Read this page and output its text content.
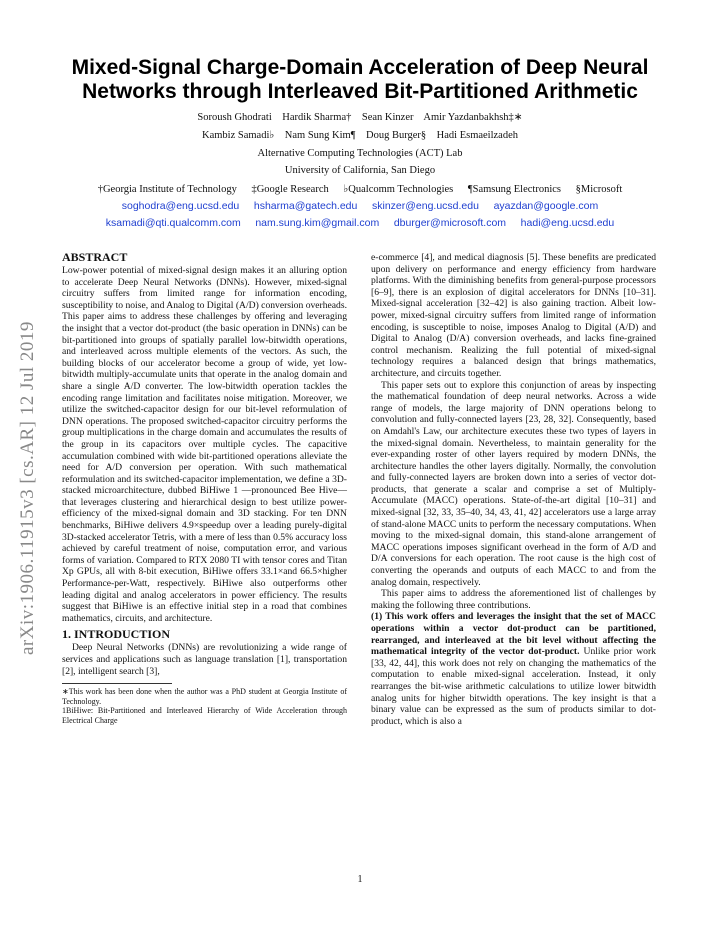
Mixed-Signal Charge-Domain Acceleration of Deep Neural Networks through Interleaved Bit-Partitioned Arithmetic
Soroush Ghodrati    Hardik Sharma†    Sean Kinzer    Amir Yazdanbakhsh‡∗
Kambiz Samadi♭    Nam Sung Kim¶    Doug Burger§    Hadi Esmaeilzadeh
Alternative Computing Technologies (ACT) Lab
University of California, San Diego
†Georgia Institute of Technology ‡Google Research ♭Qualcomm Technologies ¶Samsung Electronics §Microsoft
soghodra@eng.ucsd.edu hsharma@gatech.edu skinzer@eng.ucsd.edu ayazdan@google.com
ksamadi@qti.qualcomm.com nam.sung.kim@gmail.com dburger@microsoft.com hadi@eng.ucsd.edu
arXiv:1906.11915v3 [cs.AR] 12 Jul 2019
ABSTRACT

Low-power potential of mixed-signal design makes it an alluring option to accelerate Deep Neural Networks (DNNs). However, mixed-signal circuitry suffers from limited range for information encoding, susceptibility to noise, and Analog to Digital (A/D) conversion overheads. This paper aims to address these challenges by offering and leveraging the insight that a vector dot-product (the basic operation in DNNs) can be bit-partitioned into groups of spatially parallel low-bitwidth operations, and interleaved across multiple elements of the vectors. As such, the building blocks of our accelerator become a group of wide, yet low-bitwidth multiply-accumulate units that operate in the analog domain and share a single A/D converter. The low-bitwidth operation tackles the encoding range limitation and facilitates noise mitigation. Moreover, we utilize the switched-capacitor design for our bit-level reformulation of DNN operations. The proposed switched-capacitor circuitry performs the group multiplications in the charge domain and accumulates the results of the group in its capacitors over multiple cycles. The capacitive accumulation combined with wide bit-partitioned operations alleviate the need for A/D conversion per operation. With such mathematical reformulation and its switched-capacitor implementation, we define a 3D-stacked microarchitecture, dubbed BiHiwe 1 —pronounced Bee Hive—that leverages clustering and hierarchical design to best utilize power-efficiency of the mixed-signal domain and 3D stacking. For ten DNN benchmarks, BiHiwe delivers 4.9×speedup over a leading purely-digital 3D-stacked accelerator Tetris, with a mere of less than 0.5% accuracy loss achieved by careful treatment of noise, computation error, and various forms of variation. Compared to RTX 2080 TI with tensor cores and Titan Xp GPUs, all with 8-bit execution, BiHiwe offers 33.1×and 66.5×higher Performance-per-Watt, respectively. BiHiwe also outperforms other leading digital and analog accelerators in power efficiency. The results suggest that BiHiwe is an effective initial step in a road that combines mathematics, circuits, and architecture.

1. INTRODUCTION

Deep Neural Networks (DNNs) are revolutionizing a wide range of services and applications such as language translation [1], transportation [2], intelligent search [3],

∗This work has been done when the author was a PhD student at Georgia Institute of Technology.

1BiHiwe: Bit-Partitioned and Interleaved Hierarchy of Wide Acceleration through Electrical Charge

e-commerce [4], and medical diagnosis [5]. These benefits are predicated upon delivery on performance and energy efficiency from hardware platforms. With the diminishing benefits from general-purpose processors [6–9], there is an explosion of digital accelerators for DNNs [10–31]. Mixed-signal acceleration [32–42] is also gaining traction. Albeit low-power, mixed-signal circuitry suffers from limited range of information encoding, is susceptible to noise, imposes Analog to Digital (A/D) and Digital to Analog (D/A) conversion overheads, and lacks fine-grained control mechanism. Realizing the full potential of mixed-signal technology requires a balanced design that brings mathematics, architecture, and circuits together.

This paper sets out to explore this conjunction of areas by inspecting the mathematical foundation of deep neural networks. Across a wide range of models, the large majority of DNN operations belong to convolution and fully-connected layers [23, 28, 32]. Consequently, based on Amdahl's Law, our architecture executes these two types of layers in the mixed-signal domain. Nevertheless, to maintain generality for the ever-expanding roster of other layers required by modern DNNs, the architecture handles the other layers digitally. Normally, the convolution and fully-connected layers are broken down into a series of vector dot-products, that generate a scalar and comprise a set of Multiply-Accumulate (MACC) operations. State-of-the-art digital [10–31] and mixed-signal [32, 33, 35–40, 34, 43, 41, 42] accelerators use a large array of stand-alone MACC units to perform the necessary computations. When moving to the mixed-signal domain, this stand-alone arrangement of MACC operations imposes significant overhead in the form of A/D and D/A conversions for each operation. The root cause is the high cost of converting the operands and outputs of each MACC to and from the analog domain, respectively.

This paper aims to address the aforementioned list of challenges by making the following three contributions.

(1) This work offers and leverages the insight that the set of MACC operations within a vector dot-product can be partitioned, rearranged, and interleaved at the bit level without affecting the mathematical integrity of the vector dot-product. Unlike prior work [33, 42, 44], this work does not rely on changing the mathematics of the computation to enable mixed-signal acceleration. Instead, it only rearranges the bit-wise arithmetic calculations to utilize lower bitwidth analog units for higher bitwidth operations. The key insight is that a binary value can be expressed as the sum of products similar to dot-product, which is also a

1
